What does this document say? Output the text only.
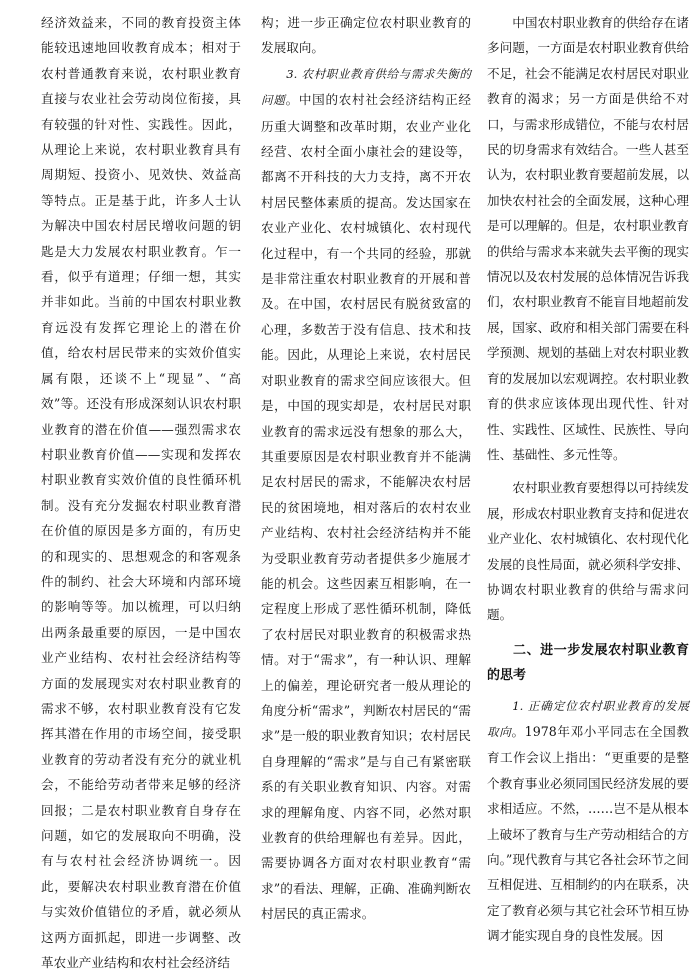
经济效益来，不同的教育投资主体能较迅速地回收教育成本；相对于农村普通教育来说，农村职业教育直接与农业社会劳动岗位衔接，具有较强的针对性、实践性。因此，从理论上来说，农村职业教育具有周期短、投资小、见效快、效益高等特点。正是基于此，许多人士认为解决中国农村居民增收问题的钥匙是大力发展农村职业教育。乍一看，似乎有道理；仔细一想，其实并非如此。当前的中国农村职业教育远没有发挥它理论上的潜在价值，给农村居民带来的实效价值实属有限，还谈不上“现显”、“高效”等。还没有形成深刻认识农村职业教育的潜在价值——强烈需求农村职业教育价值——实现和发挥农村职业教育实效价值的良性循环机制。没有充分发掘农村职业教育潜在价值的原因是多方面的，有历史的和现实的、思想观念的和客观条件的制约、社会大环境和内部环境的影响等等。加以梳理，可以归纳出两条最重要的原因，一是中国农业产业结构、农村社会经济结构等方面的发展现实对农村职业教育的需求不够，农村职业教育没有它发挥其潜在作用的市场空间，接受职业教育的劳动者没有充分的就业机会，不能给劳动者带来足够的经济回报；二是农村职业教育自身存在问题，如它的发展取向不明确，没有与农村社会经济协调统一。因此，要解决农村职业教育潜在价值与实效价值错位的矛盾，就必须从这两方面抓起，即进一步调整、改革农业产业结构和农村社会经济结

构；进一步正确定位农村职业教育的发展取向。

3. 农村职业教育供给与需求失衡的问题。中国的农村社会经济结构正经历重大调整和改革时期，农业产业化经营、农村全面小康社会的建设等，都离不开科技的大力支持，离不开农村居民整体素质的提高。发达国家在农业产业化、农村城镇化、农村现代化过程中，有一个共同的经验，那就是非常注重农村职业教育的开展和普及。在中国，农村居民有脱贫致富的心理，多数苦于没有信息、技术和技能。因此，从理论上来说，农村居民对职业教育的需求空间应该很大。但是，中国的现实却是，农村居民对职业教育的需求远没有想象的那么大，其重要原因是农村职业教育并不能满足农村居民的需求，不能解决农村居民的贫困境地，相对落后的农村农业产业结构、农村社会经济结构并不能为受职业教育劳动者提供多少施展才能的机会。这些因素互相影响，在一定程度上形成了恶性循环机制，降低了农村居民对职业教育的积极需求热情。对于“需求”，有一种认识、理解上的偏差，理论研究者一般从理论的角度分析“需求”，判断农村居民的“需求”是一般的职业教育知识；农村居民自身理解的“需求”是与自己有紧密联系的有关职业教育知识、内容。对需求的理解角度、内容不同，必然对职业教育的供给理解也有差异。因此，需要协调各方面对农村职业教育“需求”的看法、理解，正确、准确判断农村居民的真正需求。

中国农村职业教育的供给存在诸多问题，一方面是农村职业教育供给不足，社会不能满足农村居民对职业教育的渴求；另一方面是供给不对口，与需求形成错位，不能与农村居民的切身需求有效结合。一些人甚至认为，农村职业教育要超前发展，以加快农村社会的全面发展，这种心理是可以理解的。但是，农村职业教育的供给与需求本来就失去平衡的现实情况以及农村发展的总体情况告诉我们，农村职业教育不能盲目地超前发展，国家、政府和相关部门需要在科学预测、规划的基础上对农村职业教育的发展加以宏观调控。农村职业教育的供求应该体现出现代性、针对性、实践性、区域性、民族性、导向性、基础性、多元性等。

农村职业教育要想得以可持续发展，形成农村职业教育支持和促进农业产业化、农村城镇化、农村现代化发展的良性局面，就必须科学安排、协调农村职业教育的供给与需求问题。

二、进一步发展农村职业教育的思考

1. 正确定位农村职业教育的发展取向。1978年邓小平同志在全国教育工作会议上指出：“更重要的是整个教育事业必须同国民经济发展的要求相适应。不然，……岂不是从根本上破坏了教育与生产劳动相结合的方向。”现代教育与其它各社会环节之间互相促进、互相制约的内在联系，决定了教育必须与其它社会环节相互协调才能实现自身的良性发展。因
